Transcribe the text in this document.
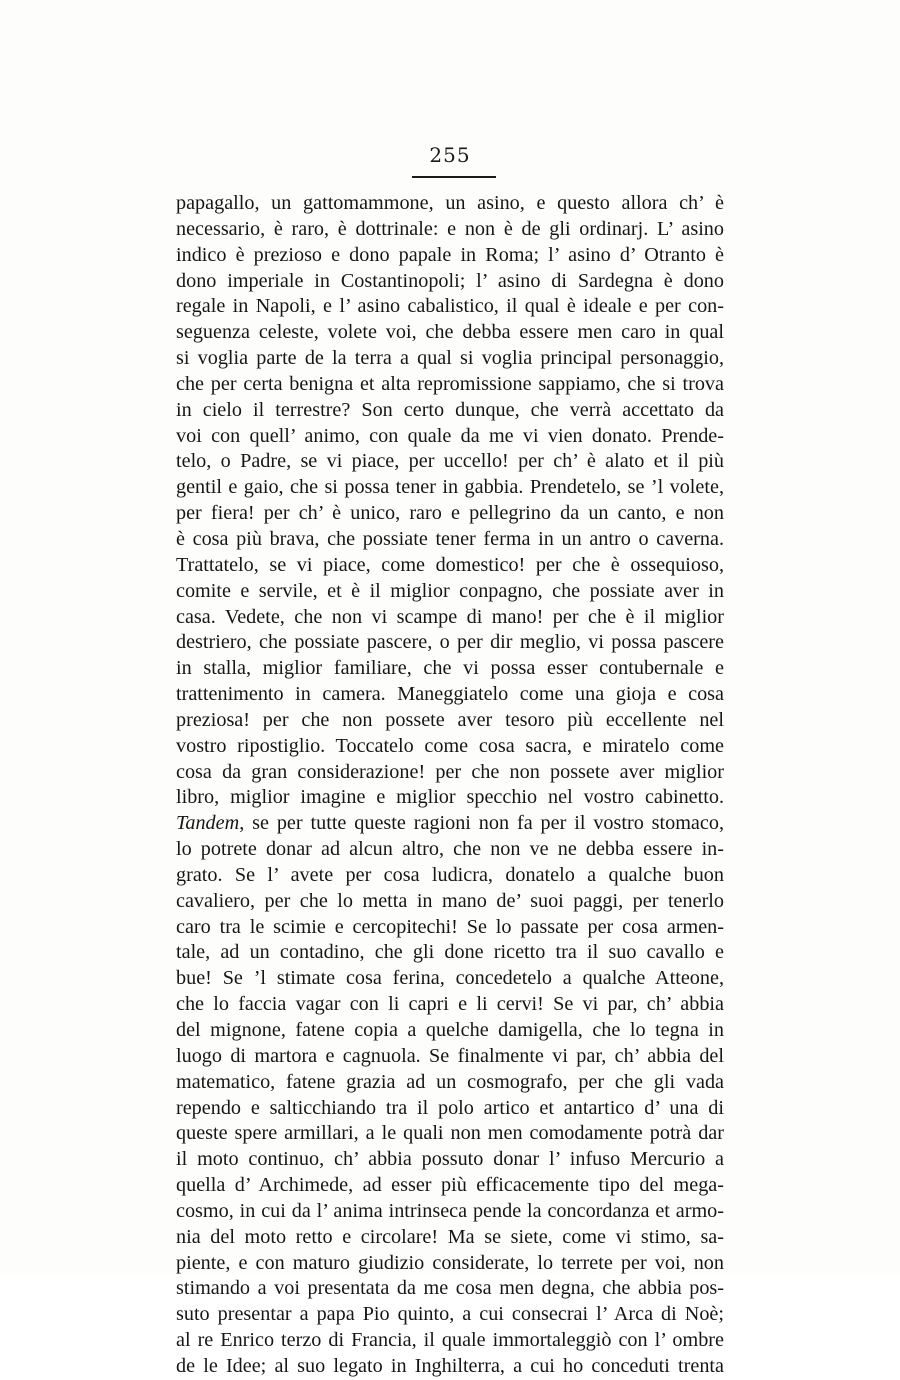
255
papagallo, un gattomammone, un asino, e questo allora ch’ è
necessario, è raro, è dottrinale: e non è de gli ordinarj. L’ asino
indico è prezioso e dono papale in Roma; l’ asino d’ Otranto è
dono imperiale in Costantinopoli; l’ asino di Sardegna è dono
regale in Napoli, e l’ asino cabalistico, il qual è ideale e per con-
seguenza celeste, volete voi, che debba essere men caro in qual
si voglia parte de la terra a qual si voglia principal personaggio,
che per certa benigna et alta repromissione sappiamo, che si trova
in cielo il terrestre? Son certo dunque, che verrà accettato da
voi con quell’ animo, con quale da me vi vien donato. Prende-
telo, o Padre, se vi piace, per uccello! per ch’ è alato et il più
gentil e gaio, che si possa tener in gabbia. Prendetelo, se ’l volete,
per fiera! per ch’ è unico, raro e pellegrino da un canto, e non
è cosa più brava, che possiate tener ferma in un antro o caverna.
Trattatelo, se vi piace, come domestico! per che è ossequioso,
comite e servile, et è il miglior conpagno, che possiate aver in
casa. Vedete, che non vi scampe di mano! per che è il miglior
destriero, che possiate pascere, o per dir meglio, vi possa pascere
in stalla, miglior familiare, che vi possa esser contubernale e
trattenimento in camera. Maneggiatelo come una gioja e cosa
preziosa! per che non possete aver tesoro più eccellente nel
vostro ripostiglio. Toccatelo come cosa sacra, e miratelo come
cosa da gran considerazione! per che non possete aver miglior
libro, miglior imagine e miglior specchio nel vostro cabinetto.
Tandem, se per tutte queste ragioni non fa per il vostro stomaco,
lo potrete donar ad alcun altro, che non ve ne debba essere in-
grato. Se l’ avete per cosa ludicra, donatelo a qualche buon
cavaliero, per che lo metta in mano de’ suoi paggi, per tenerlo
caro tra le scimie e cercopitechi! Se lo passate per cosa armen-
tale, ad un contadino, che gli done ricetto tra il suo cavallo e
bue! Se ’l stimate cosa ferina, concedetelo a qualche Atteone,
che lo faccia vagar con li capri e li cervi! Se vi par, ch’ abbia
del mignone, fatene copia a quelche damigella, che lo tegna in
luogo di martora e cagnuola. Se finalmente vi par, ch’ abbia del
matematico, fatene grazia ad un cosmografo, per che gli vada
rependo e salticchiando tra il polo artico et antartico d’ una di
queste spere armillari, a le quali non men comodamente potrà dar
il moto continuo, ch’ abbia possuto donar l’ infuso Mercurio a
quella d’ Archimede, ad esser più efficacemente tipo del mega-
cosmo, in cui da l’ anima intrinseca pende la concordanza et armo-
nia del moto retto e circolare! Ma se siete, come vi stimo, sa-
piente, e con maturo giudizio considerate, lo terrete per voi, non
stimando a voi presentata da me cosa men degna, che abbia pos-
suto presentar a papa Pio quinto, a cui consecrai l’ Arca di Noè;
al re Enrico terzo di Francia, il quale immortaleggiò con l’ ombre
de le Idee; al suo legato in Inghilterra, a cui ho conceduti trenta
